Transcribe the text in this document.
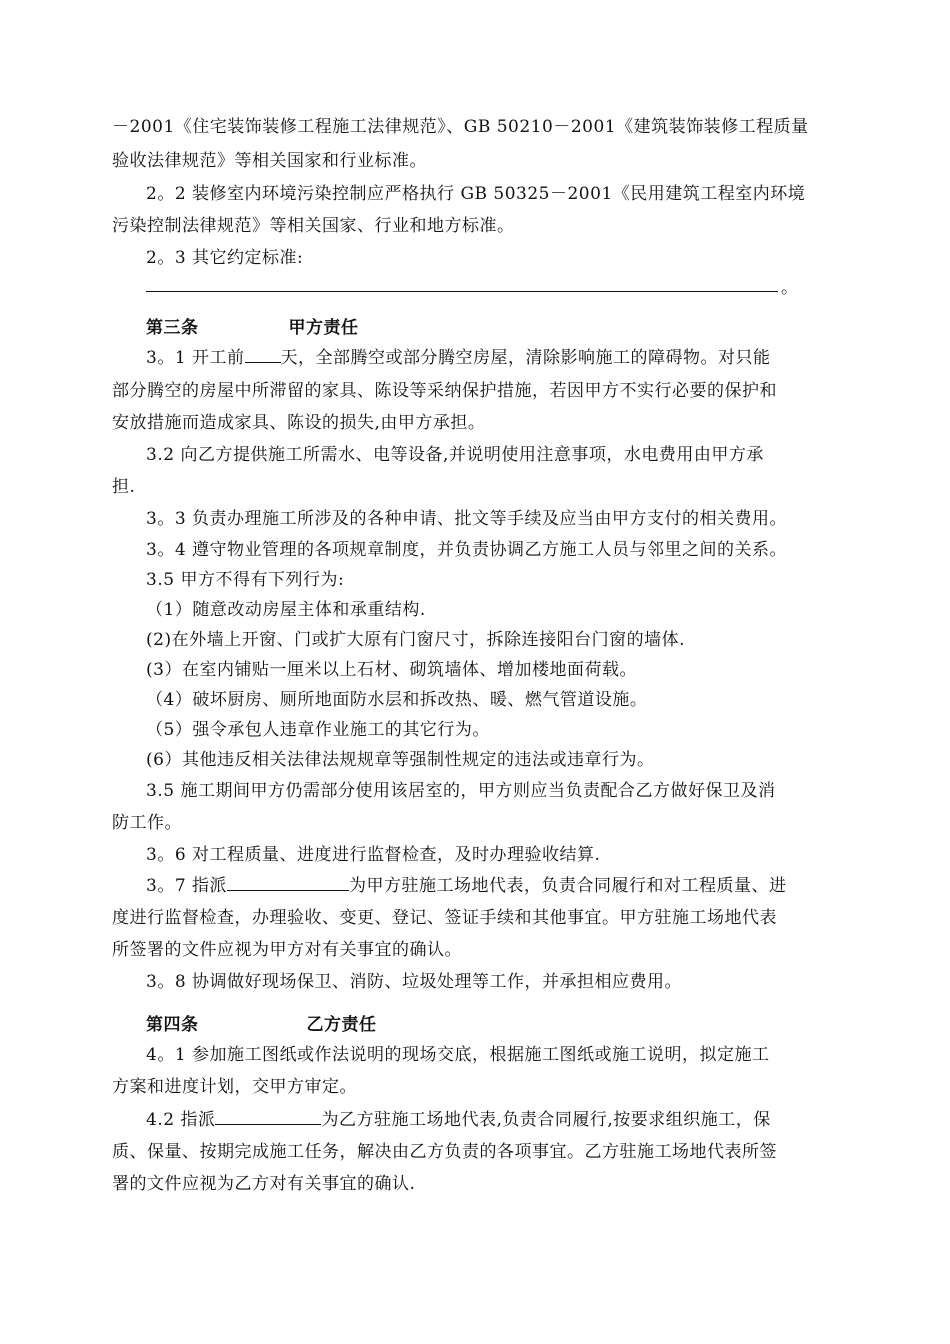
－2001《住宅装饰装修工程施工法律规范》、GB 50210－2001《建筑装饰装修工程质量
验收法律规范》等相关国家和行业标准。
2。2 装修室内环境污染控制应严格执行 GB 50325－2001《民用建筑工程室内环境
污染控制法律规范》等相关国家、行业和地方标准。
2。3 其它约定标准:
。
第三条	甲方责任
3。1 开工前 天，全部腾空或部分腾空房屋，清除影响施工的障碍物。对只能
部分腾空的房屋中所滞留的家具、陈设等采纳保护措施，若因甲方不实行必要的保护和
安放措施而造成家具、陈设的损失,由甲方承担。
3.2 向乙方提供施工所需水、电等设备,并说明使用注意事项，水电费用由甲方承
担.
3。3 负责办理施工所涉及的各种申请、批文等手续及应当由甲方支付的相关费用。
3。4 遵守物业管理的各项规章制度，并负责协调乙方施工人员与邻里之间的关系。
3.5 甲方不得有下列行为:
（1）随意改动房屋主体和承重结构.
(2)在外墙上开窗、门或扩大原有门窗尺寸，拆除连接阳台门窗的墙体.
(3）在室内铺贴一厘米以上石材、砌筑墙体、增加楼地面荷载。
（4）破坏厨房、厕所地面防水层和拆改热、暖、燃气管道设施。
（5）强令承包人违章作业施工的其它行为。
(6）其他违反相关法律法规规章等强制性规定的违法或违章行为。
3.5 施工期间甲方仍需部分使用该居室的，甲方则应当负责配合乙方做好保卫及消
防工作。
3。6 对工程质量、进度进行监督检查，及时办理验收结算.
3。7 指派	为甲方驻施工场地代表，负责合同履行和对工程质量、进
度进行监督检查，办理验收、变更、登记、签证手续和其他事宜。甲方驻施工场地代表
所签署的文件应视为甲方对有关事宜的确认。
3。8 协调做好现场保卫、消防、垃圾处理等工作，并承担相应费用。
第四条	乙方责任
4。1 参加施工图纸或作法说明的现场交底，根据施工图纸或施工说明，拟定施工
方案和进度计划，交甲方审定。
4.2 指派	为乙方驻施工场地代表,负责合同履行,按要求组织施工，保
质、保量、按期完成施工任务，解决由乙方负责的各项事宜。乙方驻施工场地代表所签
署的文件应视为乙方对有关事宜的确认.
